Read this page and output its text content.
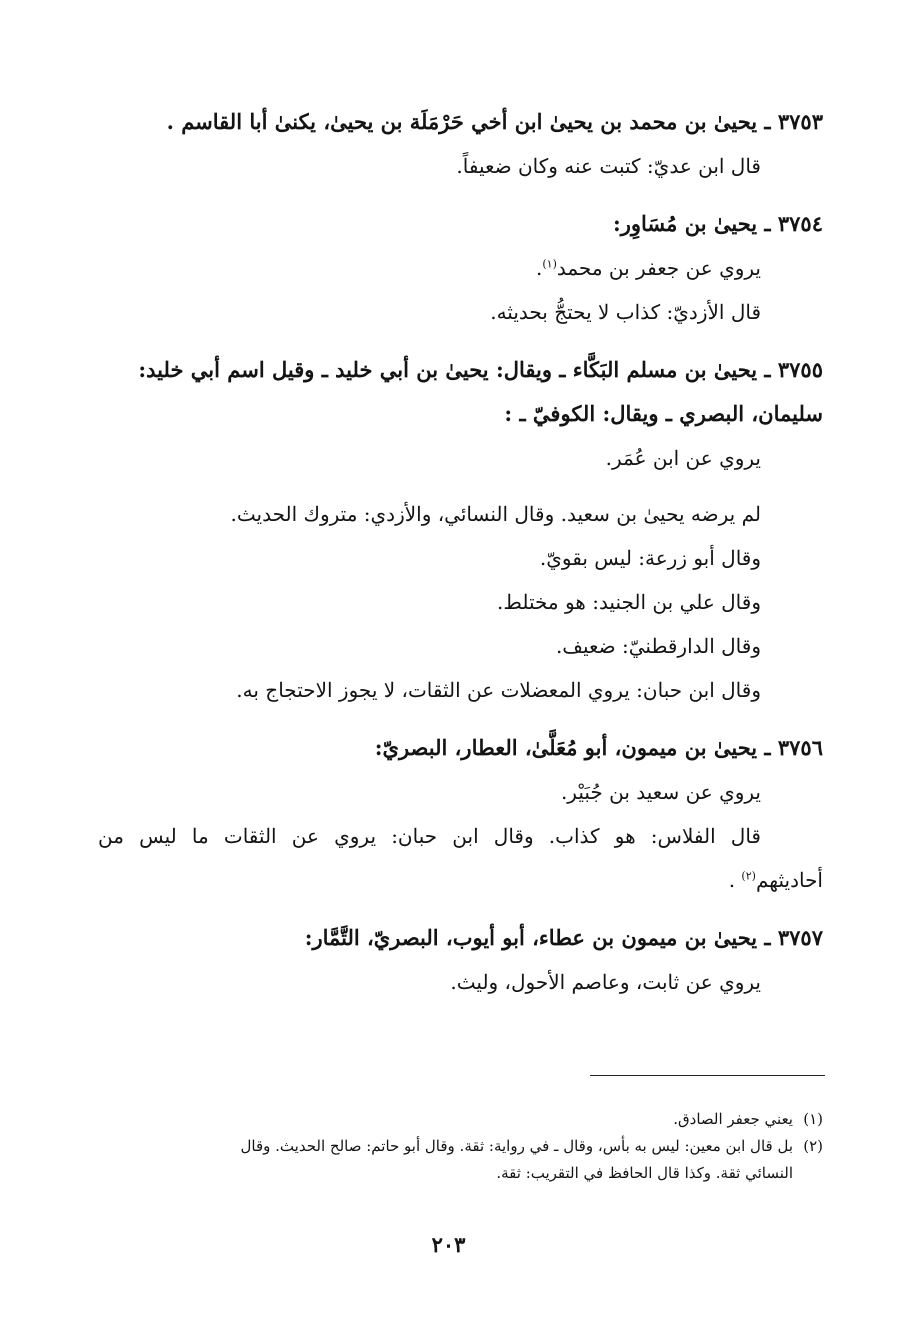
٣٧٥٣ ـ يحيىٰ بن محمد بن يحيىٰ ابن أخي حَرْمَلَة بن يحيىٰ، يكنىٰ أبا القاسم .

قال ابن عديّ: كتبت عنه وكان ضعيفاً.

٣٧٥٤ ـ يحيىٰ بن مُسَاوِر:

يروي عن جعفر بن محمد$^{(١)}$.

قال الأزديّ: كذاب لا يحتجُّ بحديثه.

٣٧٥٥ ـ يحيىٰ بن مسلم البَكَّاء ـ ويقال: يحيىٰ بن أبي خليد ـ وقيل اسم أبي خليد:

سليمان، البصري ـ ويقال: الكوفيّ ـ :

يروي عن ابن عُمَر.

لم يرضه يحيىٰ بن سعيد. وقال النسائي، والأزدي: متروك الحديث.

وقال أبو زرعة: ليس بقويّ.

وقال علي بن الجنيد: هو مختلط.

وقال الدارقطنيّ: ضعيف.

وقال ابن حبان: يروي المعضلات عن الثقات، لا يجوز الاحتجاج به.

٣٧٥٦ ـ يحيىٰ بن ميمون، أبو مُعَلَّىٰ، العطار، البصريّ:

يروي عن سعيد بن جُبَيْر.

قال الفلاس: هو كذاب. وقال ابن حبان: يروي عن الثقات ما ليس من

أحاديثهم$^{(٢)}$ .

٣٧٥٧ ـ يحيىٰ بن ميمون بن عطاء، أبو أيوب، البصريّ، التَّمَّار:

يروي عن ثابت، وعاصم الأحول، وليث.

(١)يعني جعفر الصادق.

(٢)بل قال ابن معين: ليس به بأس، وقال ـ في رواية: ثقة. وقال أبو حاتم: صالح الحديث. وقال

النسائي ثقة. وكذا قال الحافظ في التقريب: ثقة.

٢٠٣
